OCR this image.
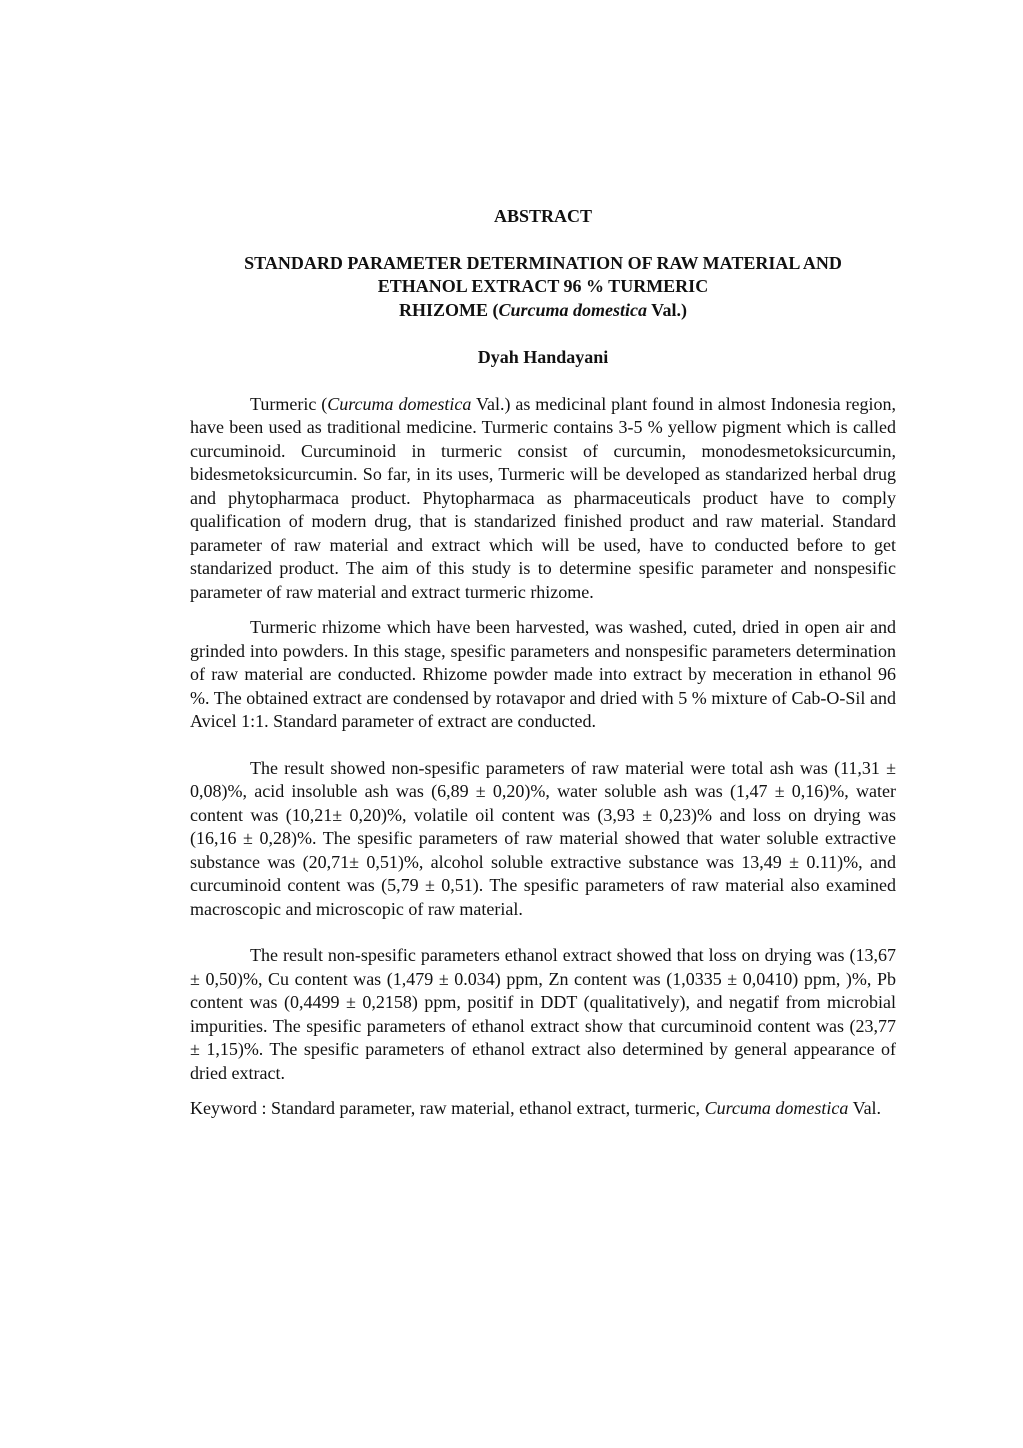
ABSTRACT
STANDARD PARAMETER DETERMINATION OF RAW MATERIAL AND
ETHANOL EXTRACT 96 % TURMERIC
RHIZOME (Curcuma domestica Val.)
Dyah Handayani

Turmeric (Curcuma domestica Val.) as medicinal plant found in almost Indonesia region, have been used as traditional medicine. Turmeric contains 3-5 % yellow pigment which is called curcuminoid. Curcuminoid in turmeric consist of curcumin, monodesmetoksicurcumin, bidesmetoksicurcumin. So far, in its uses, Turmeric will be developed as standarized herbal drug and phytopharmaca product. Phytopharmaca as pharmaceuticals product have to comply qualification of modern drug, that is standarized finished product and raw material. Standard parameter of raw material and extract which will be used, have to conducted before to get standarized product. The aim of this study is to determine spesific parameter and nonspesific parameter of raw material and extract turmeric rhizome.

Turmeric rhizome which have been harvested, was washed, cuted, dried in open air and grinded into powders. In this stage, spesific parameters and nonspesific parameters determination of raw material are conducted. Rhizome powder made into extract by meceration in ethanol 96 %. The obtained extract are condensed by rotavapor and dried with 5 % mixture of Cab-O-Sil and Avicel 1:1. Standard parameter of extract are conducted.

The result showed non-spesific parameters of raw material were total ash was (11,31 ± 0,08)%, acid insoluble ash was (6,89 ± 0,20)%, water soluble ash was (1,47 ± 0,16)%, water content was (10,21± 0,20)%, volatile oil content was (3,93 ± 0,23)% and loss on drying was (16,16 ± 0,28)%. The spesific parameters of raw material showed that water soluble extractive substance was (20,71± 0,51)%, alcohol soluble extractive substance was 13,49 ± 0.11)%, and curcuminoid content was (5,79 ± 0,51). The spesific parameters of raw material also examined macroscopic and microscopic of raw material.

The result non-spesific parameters ethanol extract showed that loss on drying was (13,67 ± 0,50)%, Cu content was (1,479 ± 0.034) ppm, Zn content was (1,0335 ± 0,0410) ppm, )%, Pb content was (0,4499 ± 0,2158) ppm, positif in DDT (qualitatively), and negatif from microbial impurities. The spesific parameters of ethanol extract show that curcuminoid content was (23,77 ± 1,15)%. The spesific parameters of ethanol extract also determined by general appearance of dried extract.

Keyword : Standard parameter, raw material, ethanol extract, turmeric, Curcuma domestica Val.
